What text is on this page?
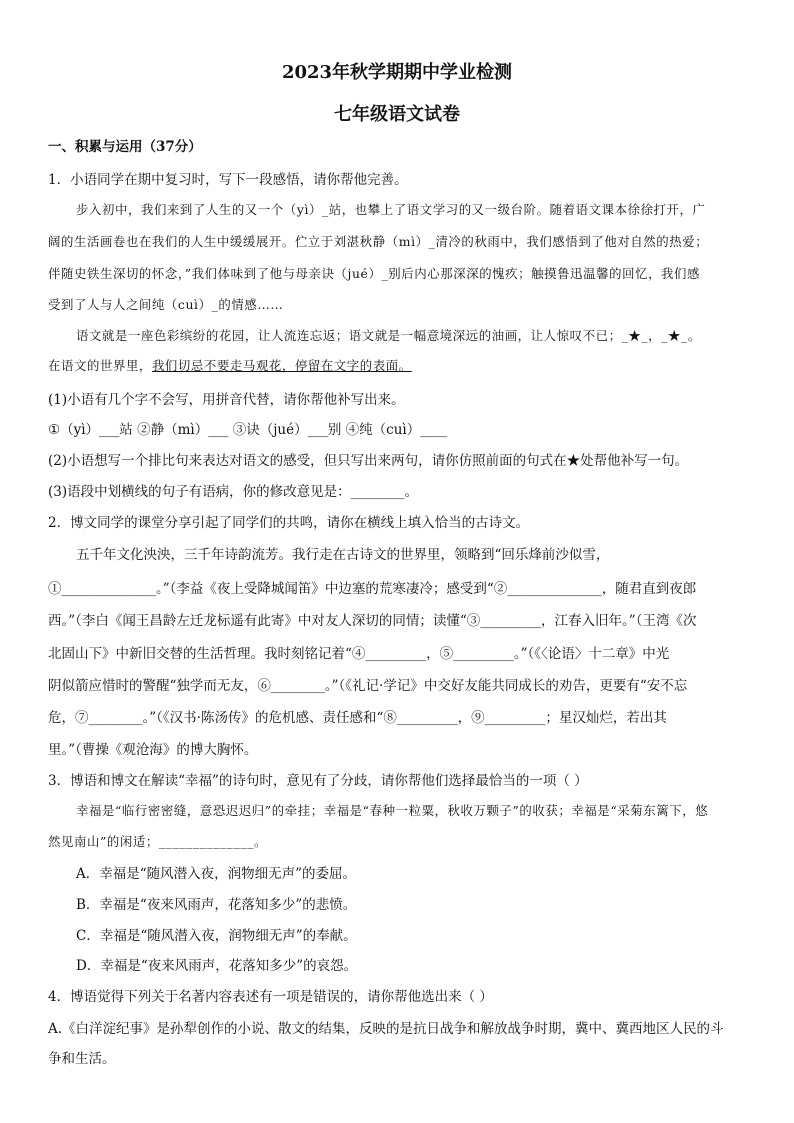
2023年秋学期期中学业检测
七年级语文试卷
一、积累与运用（37分）
1．小语同学在期中复习时，写下一段感悟，请你帮他完善。
步入初中，我们来到了人生的又一个（yì）_站，也攀上了语文学习的又一级台阶。随着语文课本徐徐打开，广
阔的生活画卷也在我们的人生中缓缓展开。伫立于刘湛秋静（mì）_清冷的秋雨中，我们感悟到了他对自然的热爱；
伴随史铁生深切的怀念，”我们体味到了他与母亲诀（jué）_别后内心那深深的愧疚；触摸鲁迅温馨的回忆，我们感
受到了人与人之间纯（cuì）_的情感……
语文就是一座色彩缤纷的花园，让人流连忘返；语文就是一幅意境深远的油画，让人惊叹不已；_★_，_★_。
在语文的世界里，我们切忌不要走马观花，停留在文字的表面。
(1)小语有几个字不会写，用拼音代替，请你帮他补写出来。
①（yì）___站 ②静（mì）___ ③诀（jué）___别 ④纯（cuì）____
(2)小语想写一个排比句来表达对语文的感受，但只写出来两句，请你仿照前面的句式在★处帮他补写一句。
(3)语段中划横线的句子有语病，你的修改意见是：________。
2．博文同学的课堂分享引起了同学们的共鸣，请你在横线上填入恰当的古诗文。
五千年文化泱泱，三千年诗韵流芳。我行走在古诗文的世界里，领略到“回乐烽前沙似雪，
①______________。”（李益《夜上受降城闻笛》中边塞的荒寒凄冷；感受到“②______________，随君直到夜郎
西。”（李白《闻王昌龄左迁龙标遥有此寄》中对友人深切的同情；读懂“③_________，江春入旧年。”（王湾《次
北固山下》中新旧交替的生活哲理。我时刻铭记着“④_________，⑤_________。”（《〈论语〉十二章》中光
阴似箭应惜时的警醒“独学而无友，⑥________。”（《礼记·学记》中交好友能共同成长的劝告，更要有“安不忘
危，⑦________。”（《汉书·陈汤传》的危机感、责任感和“⑧_________，⑨_________；星汉灿烂，若出其
里。”（曹操《观沧海》的博大胸怀。
3．博语和博文在解读“幸福”的诗句时，意见有了分歧，请你帮他们选择最恰当的一项（ ）
幸福是“临行密密缝，意恐迟迟归”的牵挂；幸福是“春种一粒粟，秋收万颗子”的收获；幸福是“采菊东篱下，悠
然见南山”的闲适；______________。
A．幸福是“随风潜入夜，润物细无声”的委屈。
B．幸福是“夜来风雨声，花落知多少”的悲愤。
C．幸福是“随风潜入夜，润物细无声”的奉献。
D．幸福是“夜来风雨声，花落知多少”的哀怨。
4．博语觉得下列关于名著内容表述有一项是错误的，请你帮他选出来（ ）
A.《白洋淀纪事》是孙犁创作的小说、散文的结集，反映的是抗日战争和解放战争时期，冀中、冀西地区人民的斗
争和生活。
